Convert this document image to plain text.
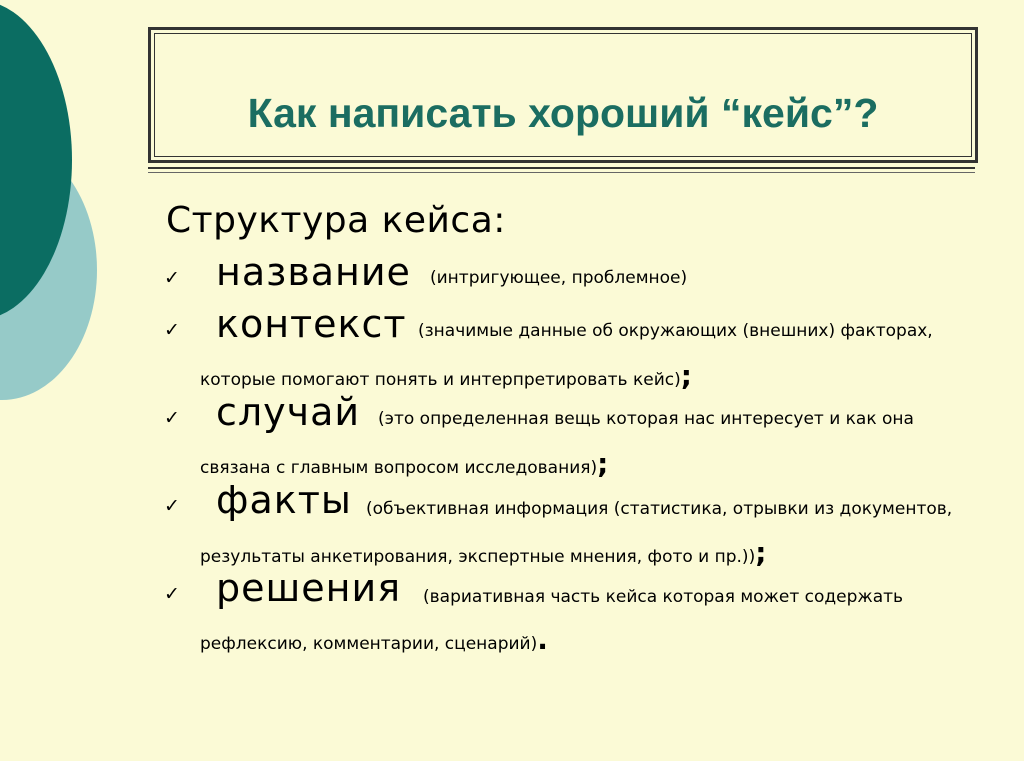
Как написать хороший “кейс”?
Структура кейса:
✓ название (интригующее, проблемное)
✓ контекст (значимые данные об окружающих (внешних) факторах,
которые помогают понять и интерпретировать кейс);
✓ случай (это определенная вещь которая нас интересует и как она
связана с главным вопросом исследования);
✓ факты (объективная информация (статистика, отрывки из документов,
результаты анкетирования, экспертные мнения, фото и пр.));
✓ решения (вариативная часть кейса которая может содержать
рефлексию, комментарии, сценарий).
